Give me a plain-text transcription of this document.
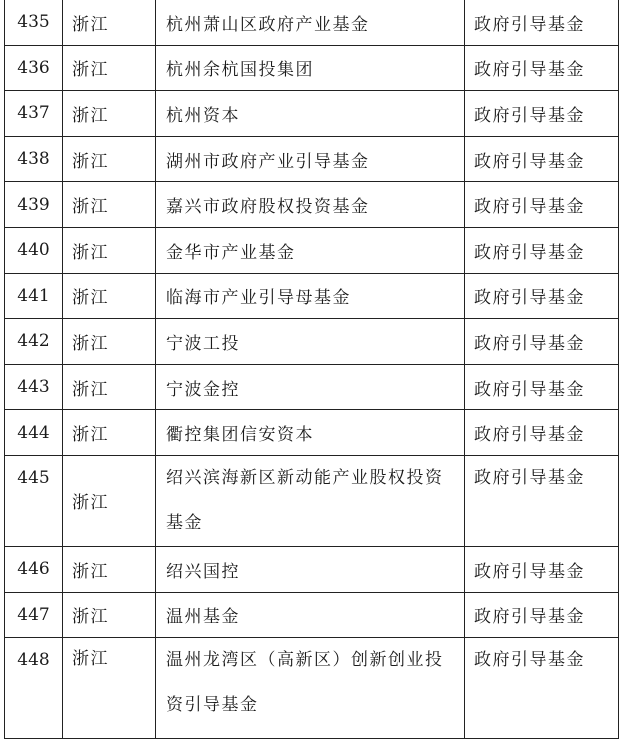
435	浙江	杭州萧山区政府产业基金	政府引导基金
436	浙江	杭州余杭国投集团	政府引导基金
437	浙江	杭州资本	政府引导基金
438	浙江	湖州市政府产业引导基金	政府引导基金
439	浙江	嘉兴市政府股权投资基金	政府引导基金
440	浙江	金华市产业基金	政府引导基金
441	浙江	临海市产业引导母基金	政府引导基金
442	浙江	宁波工投	政府引导基金
443	浙江	宁波金控	政府引导基金
444	浙江	衢控集团信安资本	政府引导基金
445	浙江	绍兴滨海新区新动能产业股权投资基金	政府引导基金
446	浙江	绍兴国控	政府引导基金
447	浙江	温州基金	政府引导基金
448	浙江	温州龙湾区（高新区）创新创业投资引导基金	政府引导基金
